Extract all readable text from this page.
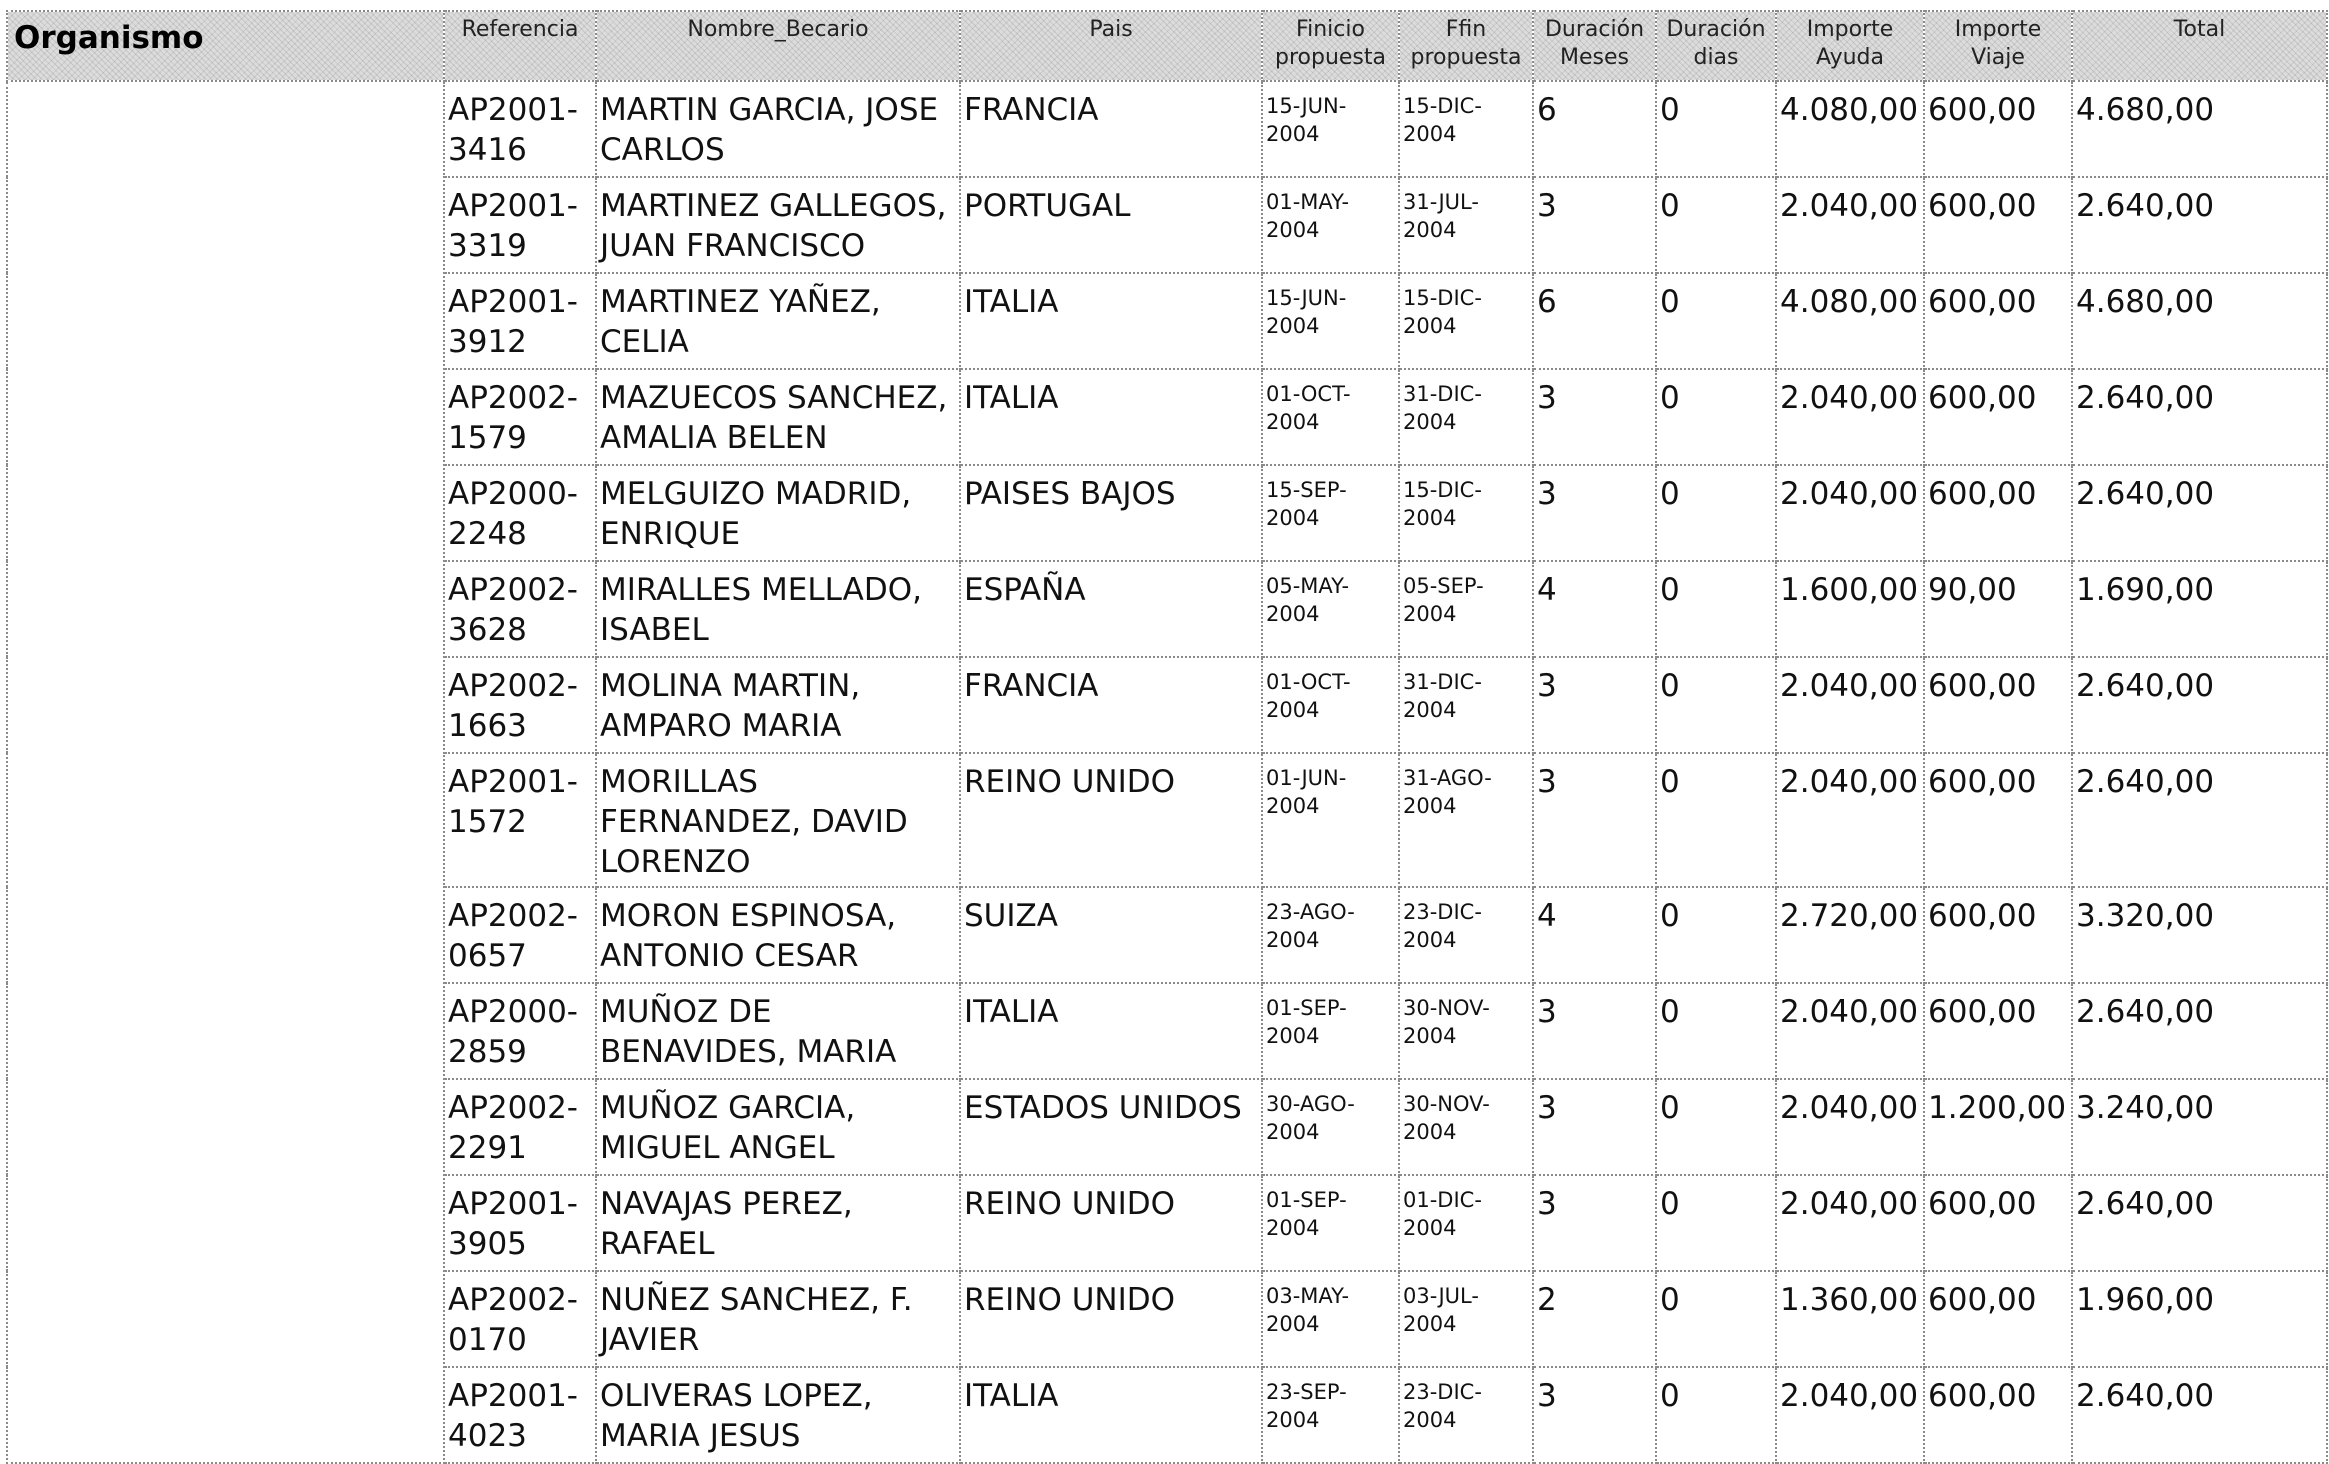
Organismo	Referencia	Nombre_Becario	Pais	Finicio propuesta	Ffin propuesta	Duración Meses	Duración dias	Importe Ayuda	Importe Viaje	Total
	AP2001-3416	MARTIN GARCIA, JOSE CARLOS	FRANCIA	15-JUN-2004	15-DIC-2004	6	0	4.080,00	600,00	4.680,00
	AP2001-3319	MARTINEZ GALLEGOS, JUAN FRANCISCO	PORTUGAL	01-MAY-2004	31-JUL-2004	3	0	2.040,00	600,00	2.640,00
	AP2001-3912	MARTINEZ YAÑEZ, CELIA	ITALIA	15-JUN-2004	15-DIC-2004	6	0	4.080,00	600,00	4.680,00
	AP2002-1579	MAZUECOS SANCHEZ, AMALIA BELEN	ITALIA	01-OCT-2004	31-DIC-2004	3	0	2.040,00	600,00	2.640,00
	AP2000-2248	MELGUIZO MADRID, ENRIQUE	PAISES BAJOS	15-SEP-2004	15-DIC-2004	3	0	2.040,00	600,00	2.640,00
	AP2002-3628	MIRALLES MELLADO, ISABEL	ESPAÑA	05-MAY-2004	05-SEP-2004	4	0	1.600,00	90,00	1.690,00
	AP2002-1663	MOLINA MARTIN, AMPARO MARIA	FRANCIA	01-OCT-2004	31-DIC-2004	3	0	2.040,00	600,00	2.640,00
	AP2001-1572	MORILLAS FERNANDEZ, DAVID LORENZO	REINO UNIDO	01-JUN-2004	31-AGO-2004	3	0	2.040,00	600,00	2.640,00
	AP2002-0657	MORON ESPINOSA, ANTONIO CESAR	SUIZA	23-AGO-2004	23-DIC-2004	4	0	2.720,00	600,00	3.320,00
	AP2000-2859	MUÑOZ DE BENAVIDES, MARIA	ITALIA	01-SEP-2004	30-NOV-2004	3	0	2.040,00	600,00	2.640,00
	AP2002-2291	MUÑOZ GARCIA, MIGUEL ANGEL	ESTADOS UNIDOS	30-AGO-2004	30-NOV-2004	3	0	2.040,00	1.200,00	3.240,00
	AP2001-3905	NAVAJAS PEREZ, RAFAEL	REINO UNIDO	01-SEP-2004	01-DIC-2004	3	0	2.040,00	600,00	2.640,00
	AP2002-0170	NUÑEZ SANCHEZ, F. JAVIER	REINO UNIDO	03-MAY-2004	03-JUL-2004	2	0	1.360,00	600,00	1.960,00
	AP2001-4023	OLIVERAS LOPEZ, MARIA JESUS	ITALIA	23-SEP-2004	23-DIC-2004	3	0	2.040,00	600,00	2.640,00
